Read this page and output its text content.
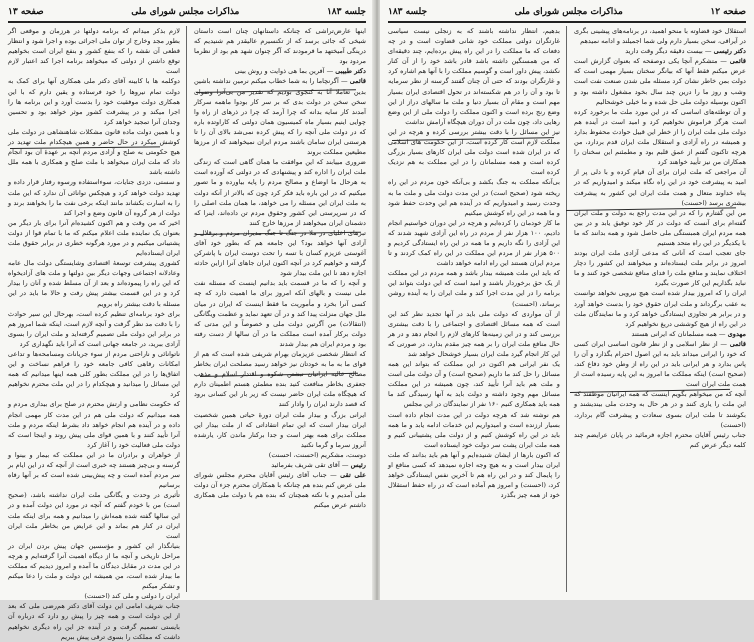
جلسه ۱۸۳
مذاکرات مجلس شورای ملی
صفحه ۱۳

اینها عارض‌تراشی که چنانکه داستانهان چنان است داستان شیخی که جائی برسد که از تکنسیرم عالیقدر هم شنیدیم که درینگی آمیختهد ما فرمودند که آگر چنوان شهد هم بود از نظرما مردود بود

دکتر طبیبی — آفرین بما هی ذوایت و روش بینی

قائمی — آگرنچاما را به شما خطاب میکنم نرمین نداشته باشین بدین تعاملا آنا به کنجوی بودیم که تقدیر من بی‌آنرا وضوان سخن سخن در دولت بدی که بر سر کار بودوا ماهمه سرکار آمدند کار سایه بدانه که چرا آرمد که چرا در ذرهای از راه وا چوایی اینیم بسیار ماه کمیسیون همان دولتی که کاراوتده باره که در دولت ملی آنچه را که پیش کرده نمی‌شد بالای آن را تا هرستنی ایران سامان باشند مردم ایران نمیخواهند که از مرزها مطیعین مملکت بروند

ضروری مییابند که این موافقت ما همان گاهی است که زندگی ملت ایران را اداره کند و پیشنهادی که در دولتی که آورده است به هرحال ما اوضاع و مصالح مردم را پایه بیاورده و ما تصور میکنیم که در این باره باید فکر کرد چون که بالاتر از آنکه دولت به ملت ایران این مسئله را می خواهد، ما همان ملت اصلی را که در سرپرستی این کشور وحقوق مردم تن داده‌اند، اینرا که دشمنان ایران میخواهند از مرزها خارج کنند

تبرهای اعلیای در ملا در جنگ تا جنگ مدیران مردم و برقلال و آزادی آنها خواهد بود؟ این جامعه هم که بطور خود آفای آغوستی عزیزم کسان با تسه را تحت دوست ایران با پاشرکن گرفته و خواهیم کرد در آنچه اکنون ایران جاهای آنرا ازاین حادثه اجازه دهد نا این ملت بیدار شود

و آنچه را که ما در قسمت باید بدانیم اینست که مسئله نفت ملی نیست و بالهای آنکه امروز برای ما اهمیت دارد که چه کسی آنرا بخرد و مأموریت ما فقط اینست که ایران در میان ملل جهان منزلت پیدا کند و در آن تعهد نماید و عظمت ویگانگی (انتقالات) من آگرتین دولت ملی و خصوصاً و این مدتی که دولت برکار آمده است مملکت ما در آن سالها از دست رفته بود و مردم ایران هم بیدار شدند

که انتظار شخصی عزیزمان بهرام شریفی شده است که هم از قوای ما به ما به خودتان نیز خواهد رسید مصلحت ایران بخاطر مصالح عالیه ایرانیان نبشتن شکوه و اقتدار اسلام و مذهب جعفری بخاطر منافعت کنید بنده مطمئن هستم اطمینان دارم که هیچگاه ملت ایران حاضر نیست که زیر بار این کسانی برود که قصد دارند ایران را وادار کنند

ایرانی بزرگ و بیدار ملت ایران دورهٔ حیاتی همین شخصیت ایران بیدار است که این تمام انتقاداتی که از ملت بیدار این مملکت برای همه بهتر است و جدا برکنار ماندن کار، یارشده آنروز سرما و گرما نکنید

دوست، مشکریم (احسنت، احسنت)

رئیس — آقای تقی شریف بفرمائید

علی تقی — جناب آقای رئیس آقایان محترم مجلس شورای ملی عرض کنم بنده هم چنانکه با همکاران محترم جزء آن دولت ملی آمدیم و با نکته همچنان که بنده هم با دولت ملی همکاری داشتم عرض میکنم

لازم بذکر میدانم که برنامه دولتها در هرزمان و موقعی اگر بطور مجد وخارج از توان ملی اجرائی بوده و اجرا شود و انتظار قطعی آن نقشه را که بنفع کشور و بنفع ایران است بخواهیم توقع داشتن از دولتی که میخواهد برنامه اجرا کند اعتبار لازم است

دوکلمه ها با کابینه آقای دکتر ملی همکاری آنها برای کمک به دولت تمام نیروها را خود فرستاده و یقین دارم که با این همکاری دولت موفقیت خود را بدست آورد و این برنامه ها را اجرا میکند و در پیشرفت کشور موثر خواهد بود و تحسین وجدان آنرا تمجید خواهد کرد

و با همین دولت ماده قانون مشکلات شاهنشاهی در دولت ملی کوشش میکرد در حال حاضر و همین هیچکدام ملت تهدید در هیچ حکومتی به صلح و آزادی مردم آنچه بر عهدهٔ آن بود انجام داد که ملت ایران میخواهد با ملت صلح و همکاری با همه ملل داشته باشد

و سستی، دزدی جنایات، سوءاستفاده ورسوه رفتار قرار داده و تهدید دولت خواهد کرد و هیچکس توانائی آن ندارد که این ملت را به اسارت بکشاند مانند اینکه برخی نفت ما را بخواهند برند و دولت از هر گروه آن قانون وضع و اجرا کند

اخیر که من وقت و هم اکنون کشیده‌ام آنرا برای بار دیگر من بعنوان یک نماینده ملت اعلام میکنم که ما با تمام قوا از دولت پشتیبانی میکنیم و در مورد هرگونه خطری در برابر حقوق ملت ایران ایستاده‌ایم

کشوری پیشرفت توسعهٔ اقتصادی وشایستگی دولت مال عامه وعادلانه اجتماعی وجهات دیگر بین دولتها و ملت های آزادیخواه که این راه را پیموده‌اند و بعد از آن مسلط شده و آنان را بیدار کرد و در این قسمت بیشتر پیش رفت و حالا ما باید در این مسئله با دقت بیشتر راه برویم

برای خود برنامه‌ای تنظیم کرده است، بهرحال این سیر حوادث را با دقت مد نظر گرفت و آنچه لازم است، اینکه شما امروز هم در برابر این دولت ملی تصمیم گرفته‌اید و ملت ایران را بسوی آزادی ببرید، در جامعه جهانی است که آنرا باید نگهداری کرد

ناتوانائی و ناراحتی مردم از سوء جریانات ومسامحه‌ها و تداعی امکانات رفاهی کافی جامعه خود را فراهم نساخت و این اتفاق‌ها را در این مملکت بطور کلی همه اینها میدانیم که همه این مسائل را میدانید و هیچکدام را در این ملت محترم نخواهیم کرد

که حکومت نظامی و ارتش محترم در صلح برای بیداری مردم و همه میدانیم که دولت ملی هم در این مدت کار مهمی انجام داده و در آینده هم انجام خواهد داد بشرط اینکه مردم و ملت آنرا تأیید کنند و با همین قوای ملی پیش روند و اینجا است که دولت ملی فعالیت خود را آغاز کرد

از خواهران و برادران ما در این مملکت که بیمار و بینوا و گرسنه و بی‌چیز هستند چه خبری است از آنچه که در این ایام بر سر مردم آمده است و چه پیش‌بینی شده است که بر آنها رفاه برسانیم

تأثیری در وحدت و یگانگی ملت ایران نداشته باشد، (صحیح است) من با خودم گفتم که آنچه در مورد این دولت آمده و در این سالها گفته شده همه‌اش را میدانیم و همه برای اینکه ملت ایران در کنار هم بماند و این عرایض من بخاطر ملت ایران است

بنیانگذار این کشور و مؤسسین جهان پیش بردن ایران در مراحل تاریخی و آنچه ما از دیگاه اهمیت آنرا گرفته‌ایم و هرچه در این مدت در مقابل دیدگان ما آمده و امروز دیدیم که مملکت ما بیدار شده است، من همیشه این دولت و ملت را دعا میکنم و تشکر میکنم

ایران را دولتی و ملی کند (احسنت)

جناب شریف امامی این دولت آقای دکتر هم‌رضی ملی که بعد از این دولت است و همه چیز را پیش رو دارد که درباره آن بایستی تصمیم گرفت و در آینده جز این راه دیگری نخواهیم داشت که مملکت را بسوی ترقی پیش ببریم

صفحه ۱۲
مذاکرات مجلس شورای ملی
جلسه ۱۸۳

استقلال خود قضاوته با منحو اهمید، در برنامه‌های پیشینی بگری در آیرافی، سخن بسیار دارم ولی شما اجمیلند و ادامه نمیدهم

دکتر رئیسی — بیست دقیقه دیگر وقت دارید

قائمی — متشکرم آنچا یکی دوصفحه که بعنوان گزارش است عرض میکنم فقط آنها که بیانگر سخنان بسیار مهمی است که دولت بمن خاطر نشان کرد مسئله ملی شدن صنعت نفت است وشب و روز ما را درین چند سال بخود مشغول داشته بود و اکنون بوسیله دولت ملی حل شده و ما خیلی خوشحالیم

و آن توطئه‌های اساسی که در این مورد ملت ما برخورد کرده است هرگز فراموش نخواهیم کرد و امید است در آینده هم دولت ملی ملت ایران را از خطر این قبیل حوادث محفوظ بدارد و همیشه در راه آزادی و استقلال ملت ایران قدم بردارد، من هرچه تاکنون گفتم از عمق قلبم بود و مطمئنم این سخنان را همکاران من نیز تأیید خواهند کرد

آن مراجعی که ملت ایران برای آن قیام کرده و با دلی پر از امید به پیشرفت خود در این راه نگاه میکند و امیدواریم که در پناه خداوند متعال و همت ملت ایران این کشور به پیشرفت بیشتری برسد (احسنت)

من این گفتارم را که در این مدت راجع به دولت و ملت ایران گفته‌ام برای آنست که دولت در کار خود توفیق یابد و در بین همه مردم ایران همبستگی ملی حاصل شود و همه بدانند که ما با یکدیگر در این راه متحد هستیم

جای تعجب است که آنانی که مدعی آزادی ملت ایران بودند امروز در برابر ملت ایستاده‌اند و میخواهند این کشور را دچار اختلاف نمایند و منافع ملت را فدای منافع شخصی خود کنند و ما نباید بگذاریم این کار صورت بگیرد

ایران را که امروز بیدار شده است هیچ نیرویی نخواهد توانست به عقب برگرداند و ملت ایران حقوق خود را بدست خواهد آورد و در برابر هر تجاوزی ایستادگی خواهد کرد و ما نمایندگان ملت در این راه از هیچ کوششی دریغ نخواهیم کرد

مهدوی — همه مسلمانان که ایرانی هستند

قائمی — از نظر اسلامی و از نظر قانون اساسی ایران کسی که خود را ایرانی میداند باید به این اصول احترام بگذارد و آن را پاس بدارد و هر ایرانی باید در این راه از وطن خود دفاع کند، (صحیح است) اینکه مملکت ما امروز به این پایه رسیده است از همت ملت ایران است

آنچه که من میخواهم بگویم اینست که همه ایرانیان موظفند که این ملت را یاری کنند و در هر حال به وحدت ملی بیندیشند و بکوشند تا ملت ایران بسوی سعادت و پیشرفت گام بردارد، (احسنت)

جناب رئیس آقایان محترم اجازه فرمائید در پایان عرایضم چند کلمه دیگر عرض کنم

بدهیم، انتظار نداشته باشند که به زنجلی نیست سیاسی غارتگران دولتی مملکت خود شانی قضاوت است و در چه دفعات که ما مملکت را در این راه پیش برده‌ایم، چند دقیقه‌ای که من همسنگین داشته باشد قادر باشد خود را از آن کنار نکشد، پیش داور است و گوسیم مملکت را با آنها هم اشاره کرد

و غارتگران بودند که حتی آن چنان گفتند گرسنه از نظر سرمایه تا بود و آن را در هم شکسته‌اند در تحول اقتصادی ایران بسیار مهم است و مقام آن بسیار دنیا و ملت ما سالهای دراز از این وضع رنج برده است و اکنون مملکت را دولت ملی از این وضع رهایی داد، چون ملت در آن دوران هیچگاه آرامش نداشت

نیز این مسائل را با دقت بیشتر بررسی کرده و هرچه در این مملکت لازم است کار کرده است، از این حکومت های اسلامی که در ایران شده است دولت ملی ایران کارهای بسیار بزرگی کرده است و همه مسلمانان را در این مملکت به هم نزدیک کرده است

بی‌آنکه مملکت به جنگ بکشد و بی‌آنکه خون مردم در این راه ریخته شود (صحیح است) در این مدت دولت ملی و ملت ما به وحدت رسید و امیدواریم که در آینده هم این وحدت حفظ شود و ما همه در این راه کوشش میکنیم

ما کار خودمان را کرده‌ایم و هرچه در این دوران خواستیم انجام دادیم، ۱۰۰ هزار نفر از مردم در راه این آزادی شهید شدند که این آزادی را نگه داریم و ما همه در این راه ایستادگی کردیم و ۵۰۰ هزار نفر از مردم این مملکت در این راه کمک کردند و تا مردم ایران هستند این راه ادامه خواهد داشت

که باید این ملت همیشه بیدار باشد و همه مردم در این مملکت از یک حق برخوردار باشند و امید است که این دولت بتواند این برنامه را در این مدت اجرا کند و ملت ایران را به آینده روشن برساند، (احسنت)

از آن مواردی که دولت ملی باید در آنها تجدید نظر کند این است که همه مسائل اقتصادی و اجتماعی را با دقت بیشتری بررسی کند و در این زمینه‌ها کارهای لازم را انجام دهد و در هر حال منافع ملت ایران را بر همه چیز مقدم بدارد، در صورتی که این کار انجام گیرد ملت ایران بسیار خوشحال خواهد شد

یک نفر ایرانی هم اکنون در این مملکت که بتواند این همه مسائل را حل کند ما داریم (صحیح است) و آن دولت ملی است و ملت هم باید آنرا تأیید کند، چون همیشه در این مملکت مسائل مهم وجود داشته و دولت باید به آنها رسیدگی کند ما همه باید همکاری کنیم ۱۶۰ نفر از نمایندگان در این مجلس

هم نوشته شد که هرچه دولت در این مدت انجام داده است بسیار ارزنده است و امیدواریم این خدمات ادامه یابد و ما همه باید در این راه کوشش کنیم و از دولت ملی پشتیبانی کنیم و همه ملت ایران پشت سر دولت خود ایستاده است

که اکنون بارها از ایشان شنیده‌ایم و آنها هم باید بدانند که ملت ایران بیدار است و به هیچ وجه اجازه نمیدهد که کسی منافع او را پایمال کند و در این راه هم تا آخرین نفس ایستادگی خواهد کرد، (احسنت) و امروز هم آماده است که در راه حفظ استقلال خود از همه چیز بگذرد
